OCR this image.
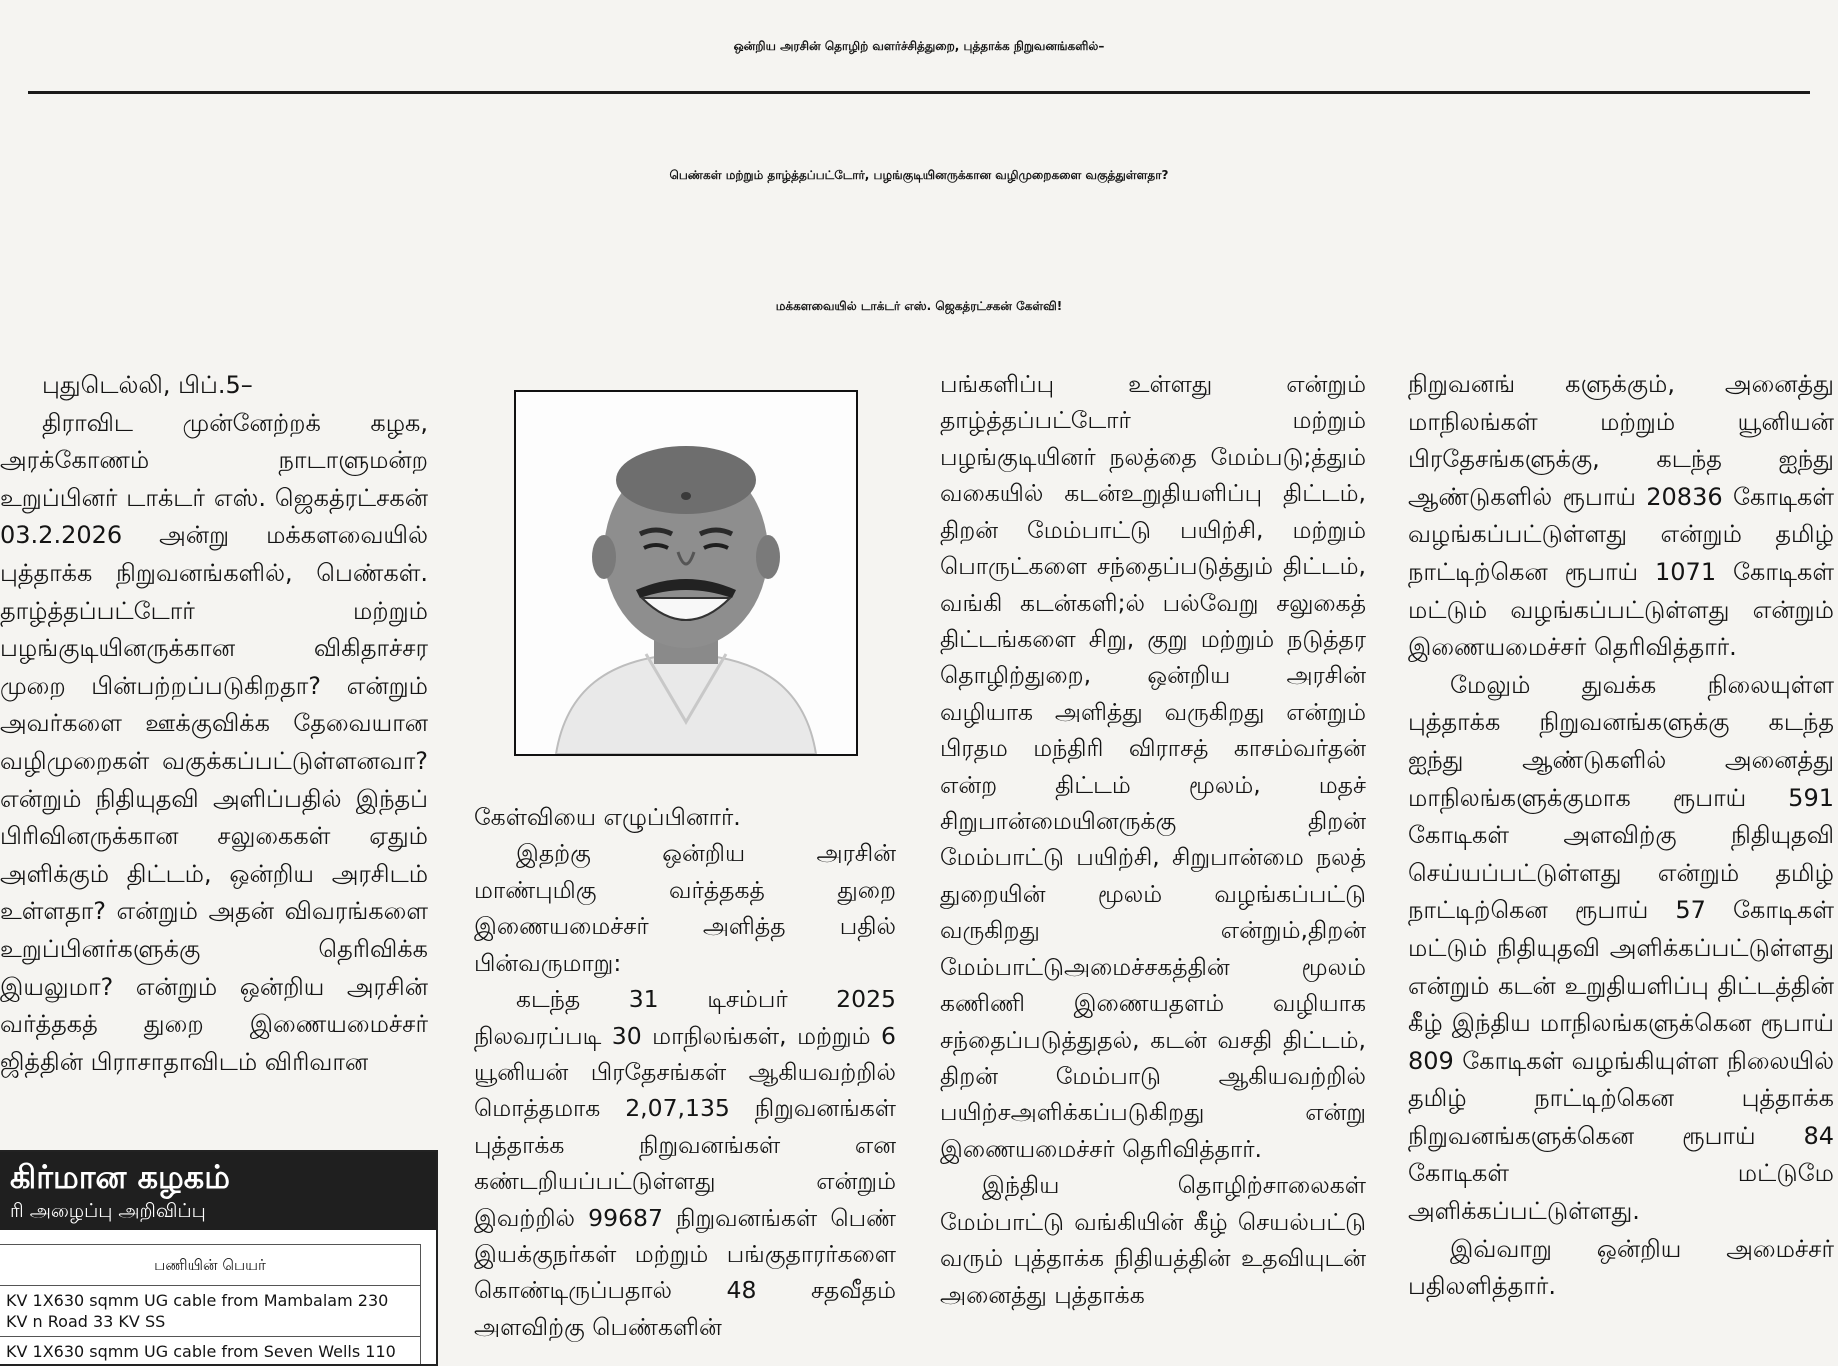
ஒன்றிய அரசின் தொழிற் வளர்ச்சித்துறை, புத்தாக்க நிறுவனங்களில்–
பெண்கள் மற்றும் தாழ்த்தப்பட்டோர், பழங்குடியினருக்கான வழிமுறைகளை வகுத்துள்ளதா?
மக்களவையில் டாக்டர் எஸ். ஜெகத்ரட்சகன் கேள்வி!

புதுடெல்லி, பிப்.5–

திராவிட முன்னேற்றக் கழக, அரக்கோணம் நாடாளுமன்ற உறுப்பினர் டாக்டர் எஸ். ஜெகத்ரட்சகன் 03.2.2026 அன்று மக்களவையில் புத்தாக்க நிறுவனங்களில், பெண்கள். தாழ்த்தப்பட்டோர் மற்றும் பழங்குடியினருக்கான விகிதாச்சர முறை பின்பற்றப்படுகிறதா? என்றும் அவர்களை ஊக்குவிக்க தேவையான வழிமுறைகள் வகுக்கப்பட்டுள்ளனவா? என்றும் நிதியுதவி அளிப்பதில் இந்தப் பிரிவினருக்கான சலுகைகள் ஏதும் அளிக்கும் திட்டம், ஒன்றிய அரசிடம் உள்ளதா? என்றும் அதன் விவரங்களை உறுப்பினர்களுக்கு தெரிவிக்க இயலுமா? என்றும் ஒன்றிய அரசின் வர்த்தகத் துறை இணையமைச்சர் ஜித்தின் பிராசாதாவிடம் விரிவான

கேள்வியை எழுப்பினார்.

இதற்கு ஒன்றிய அரசின் மாண்புமிகு வர்த்தகத் துறை இணையமைச்சர் அளித்த பதில் பின்வருமாறு:

கடந்த 31 டிசம்பர் 2025 நிலவரப்படி 30 மாநிலங்கள், மற்றும் 6 யூனியன் பிரதேசங்கள் ஆகியவற்றில் மொத்தமாக 2,07,135 நிறுவனங்கள் புத்தாக்க நிறுவனங்கள் என கண்டறியப்பட்டுள்ளது என்றும் இவற்றில் 99687 நிறுவனங்கள் பெண் இயக்குநர்கள் மற்றும் பங்குதாரர்களை கொண்டிருப்பதால் 48 சதவீதம் அளவிற்கு பெண்களின்

பங்களிப்பு உள்ளது என்றும் தாழ்த்தப்பட்டோர் மற்றும் பழங்குடியினர் நலத்தை மேம்படு;த்தும் வகையில் கடன்உறுதியளிப்பு திட்டம், திறன் மேம்பாட்டு பயிற்சி, மற்றும் பொருட்களை சந்தைப்படுத்தும் திட்டம், வங்கி கடன்களி;ல் பல்வேறு சலுகைத் திட்டங்களை சிறு, குறு மற்றும் நடுத்தர தொழிற்துறை, ஒன்றிய அரசின் வழியாக அளித்து வருகிறது என்றும் பிரதம மந்திரி விராசத் காசம்வர்தன் என்ற திட்டம் மூலம், மதச் சிறுபான்மையினருக்கு திறன் மேம்பாட்டு பயிற்சி, சிறுபான்மை நலத் துறையின் மூலம் வழங்கப்பட்டு வருகிறது என்றும்,திறன் மேம்பாட்டுஅமைச்சகத்தின் மூலம் கணிணி இணையதளம் வழியாக சந்தைப்படுத்துதல், கடன் வசதி திட்டம், திறன் மேம்பாடு ஆகியவற்றில் பயிற்சஅளிக்கப்படுகிறது என்று இணையமைச்சர் தெரிவித்தார்.

இந்திய தொழிற்சாலைகள் மேம்பாட்டு வங்கியின் கீழ் செயல்பட்டு வரும் புத்தாக்க நிதியத்தின் உதவியுடன் அனைத்து புத்தாக்க

நிறுவனங் களுக்கும், அனைத்து மாநிலங்கள் மற்றும் யூனியன் பிரதேசங்களுக்கு, கடந்த ஐந்து ஆண்டுகளில் ரூபாய் 20836 கோடிகள் வழங்கப்பட்டுள்ளது என்றும் தமிழ் நாட்டிற்கென ரூபாய் 1071 கோடிகள் மட்டும் வழங்கப்பட்டுள்ளது என்றும் இணையமைச்சர் தெரிவித்தார்.

மேலும் துவக்க நிலையுள்ள புத்தாக்க நிறுவனங்களுக்கு கடந்த ஐந்து ஆண்டுகளில் அனைத்து மாநிலங்களுக்குமாக ரூபாய் 591 கோடிகள் அளவிற்கு நிதியுதவி செய்யப்பட்டுள்ளது என்றும் தமிழ் நாட்டிற்கென ரூபாய் 57 கோடிகள் மட்டும் நிதியுதவி அளிக்கப்பட்டுள்ளது என்றும் கடன் உறுதியளிப்பு திட்டத்தின் கீழ் இந்திய மாநிலங்களுக்கென ரூபாய் 809 கோடிகள் வழங்கியுள்ள நிலையில் தமிழ் நாட்டிற்கென புத்தாக்க நிறுவனங்களுக்கென ரூபாய் 84 கோடிகள் மட்டுமே அளிக்கப்பட்டுள்ளது.

இவ்வாறு ஒன்றிய அமைச்சர் பதிலளித்தார்.

கிர்மான கழகம்
ரி அழைப்பு அறிவிப்பு
பணியின் பெயர்
KV 1X630 sqmm UG cable from Mambalam 230 KV n Road 33 KV SS
KV 1X630 sqmm UG cable from Seven Wells 110
